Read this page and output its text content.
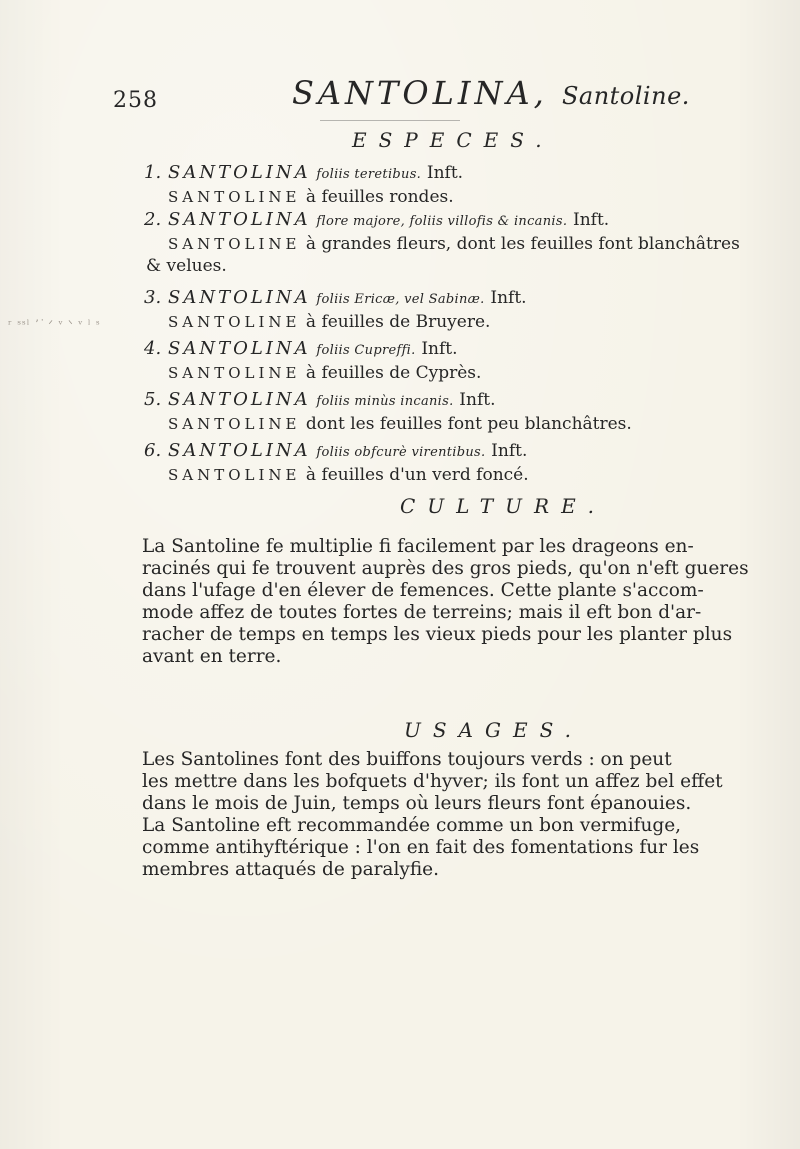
ʳ ˢˢˡ ʼ ͘ ᐟ ᵛ ᐠ ᵛ ˡ ˢ
258	SANTOLINA, Santoline.
ESPECES.
1. SANTOLINA foliis teretibus. Inft.
SANTOLINE à feuilles rondes.
2. SANTOLINA flore majore, foliis villofis & incanis. Inft.
SANTOLINE à grandes fleurs, dont les feuilles font blanchâtres
& velues.
3. SANTOLINA foliis Ericæ, vel Sabinæ. Inft.
SANTOLINE à feuilles de Bruyere.
4. SANTOLINA foliis Cupreffi. Inft.
SANTOLINE à feuilles de Cyprès.
5. SANTOLINA foliis minùs incanis. Inft.
SANTOLINE dont les feuilles font peu blanchâtres.
6. SANTOLINA foliis obfcurè virentibus. Inft.
SANTOLINE à feuilles d'un verd foncé.
CULTURE.
La Santoline fe multiplie fi facilement par les drageons en-
racinés qui fe trouvent auprès des gros pieds, qu'on n'eft gueres
dans l'ufage d'en élever de femences. Cette plante s'accom-
mode affez de toutes fortes de terreins; mais il eft bon d'ar-
racher de temps en temps les vieux pieds pour les planter plus
avant en terre.
USAGES.
Les Santolines font des buiffons toujours verds : on peut
les mettre dans les bofquets d'hyver; ils font un affez bel effet
dans le mois de Juin, temps où leurs fleurs font épanouies.
La Santoline eft recommandée comme un bon vermifuge,
comme antihyftérique : l'on en fait des fomentations fur les
membres attaqués de paralyfie.
